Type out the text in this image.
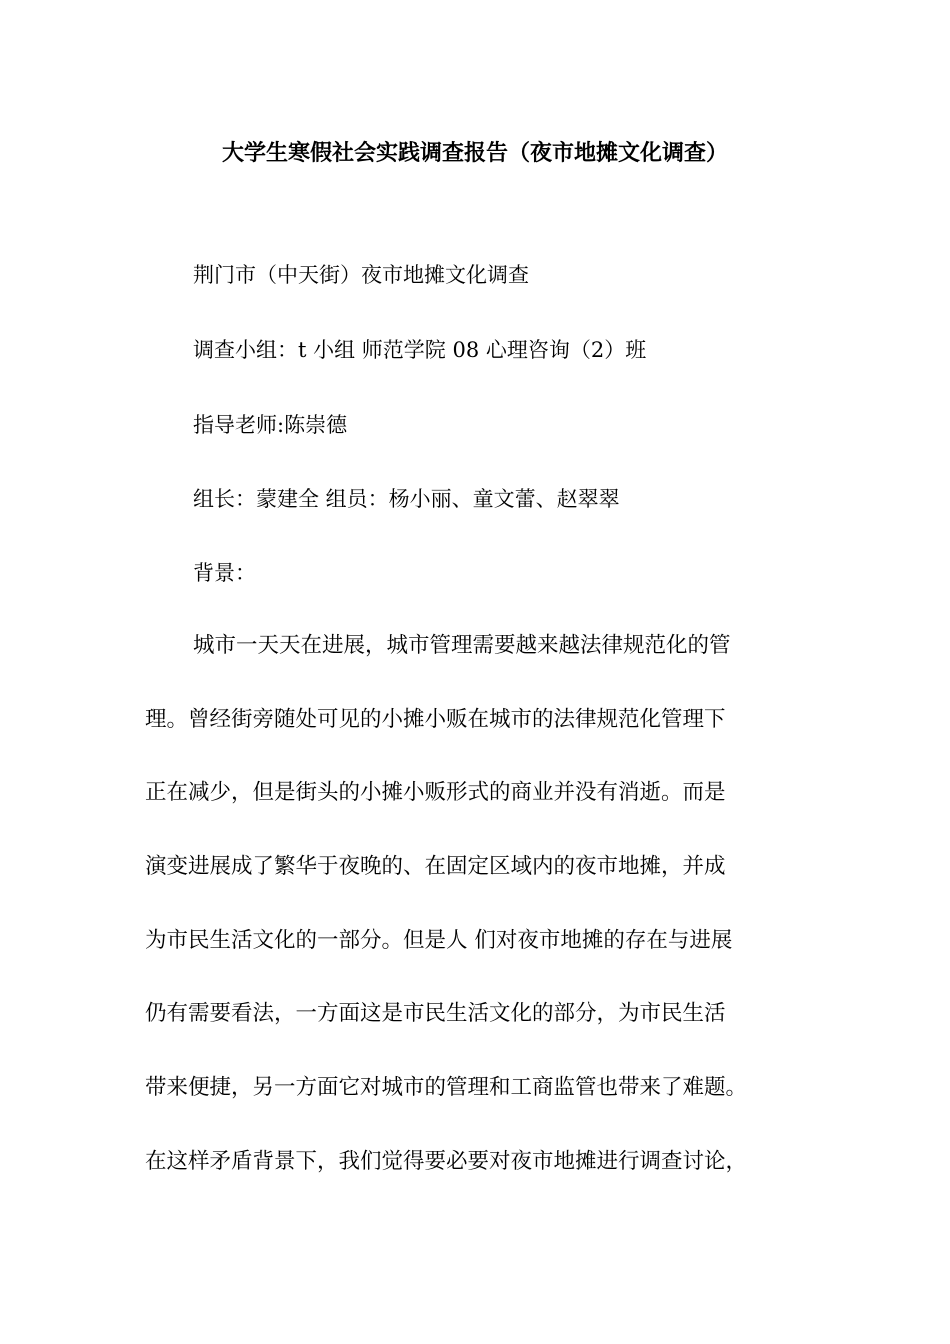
大学生寒假社会实践调查报告（夜市地摊文化调查）
荆门市（中天街）夜市地摊文化调查
调查小组：t 小组 师范学院 08 心理咨询（2）班
指导老师:陈崇德
组长：蒙建全 组员：杨小丽、童文蕾、赵翠翠
背景：

城市一天天在进展，城市管理需要越来越法律规范化的管
理。曾经街旁随处可见的小摊小贩在城市的法律规范化管理下
正在减少，但是街头的小摊小贩形式的商业并没有消逝。而是
演变进展成了繁华于夜晚的、在固定区域内的夜市地摊，并成
为市民生活文化的一部分。但是人 们对夜市地摊的存在与进展
仍有需要看法，一方面这是市民生活文化的部分，为市民生活
带来便捷，另一方面它对城市的管理和工商监管也带来了难题。
在这样矛盾背景下，我们觉得要必要对夜市地摊进行调查讨论，
